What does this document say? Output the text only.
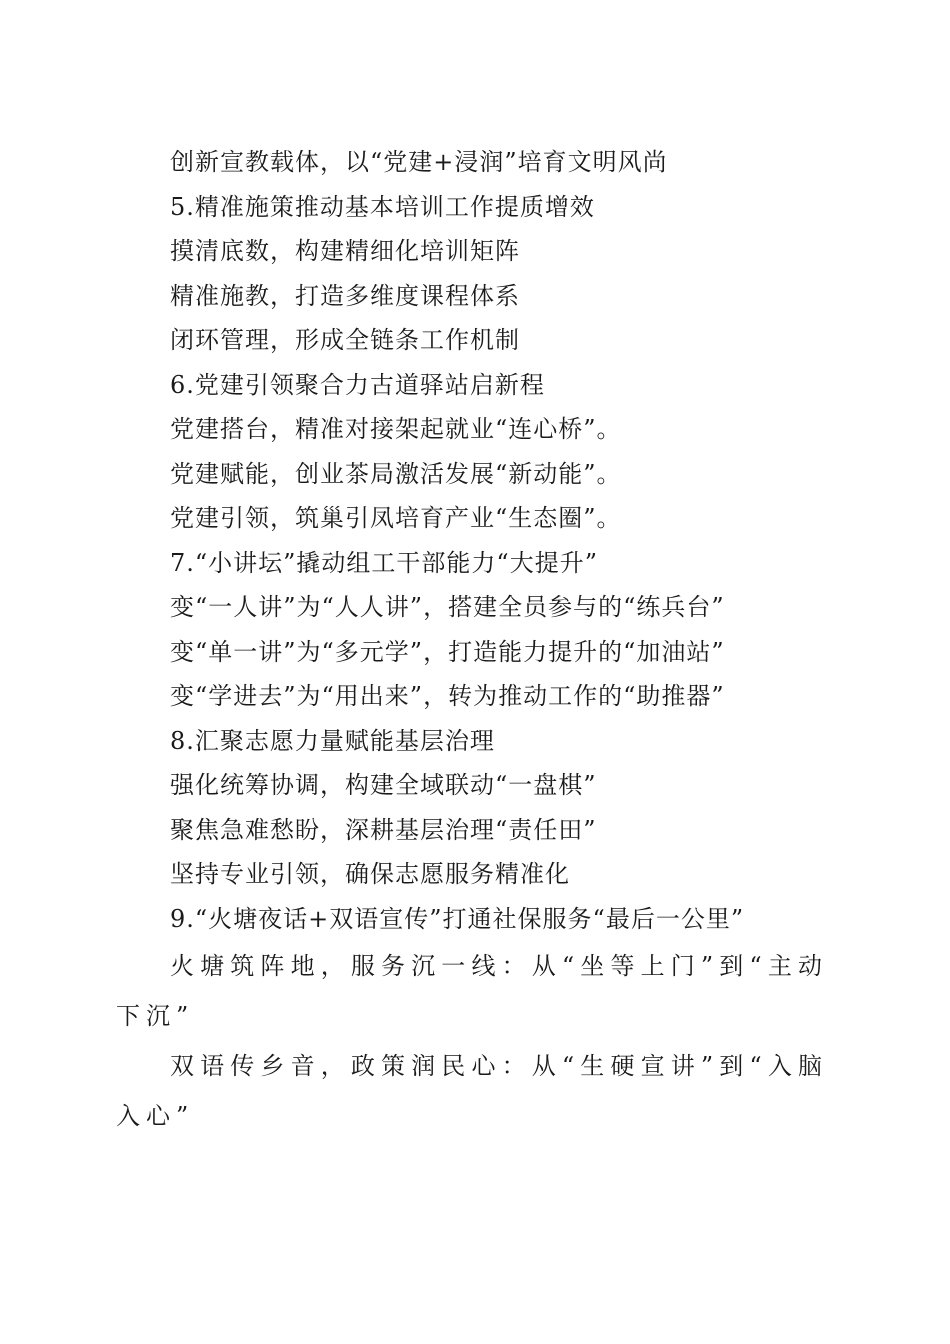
创新宣教载体，以“党建+浸润”培育文明风尚

5.精准施策推动基本培训工作提质增效

摸清底数，构建精细化培训矩阵

精准施教，打造多维度课程体系

闭环管理，形成全链条工作机制

6.党建引领聚合力古道驿站启新程

党建搭台，精准对接架起就业“连心桥”。

党建赋能，创业茶局激活发展“新动能”。

党建引领，筑巢引凤培育产业“生态圈”。

7.“小讲坛”撬动组工干部能力“大提升”

变“一人讲”为“人人讲”，搭建全员参与的“练兵台”

变“单一讲”为“多元学”，打造能力提升的“加油站”

变“学进去”为“用出来”，转为推动工作的“助推器”

8.汇聚志愿力量赋能基层治理

强化统筹协调，构建全域联动“一盘棋”

聚焦急难愁盼，深耕基层治理“责任田”

坚持专业引领，确保志愿服务精准化

9.“火塘夜话+双语宣传”打通社保服务“最后一公里”

火塘筑阵地，服务沉一线：从“坐等上门”到“主动下沉”

双语传乡音，政策润民心：从“生硬宣讲”到“入脑入心”
